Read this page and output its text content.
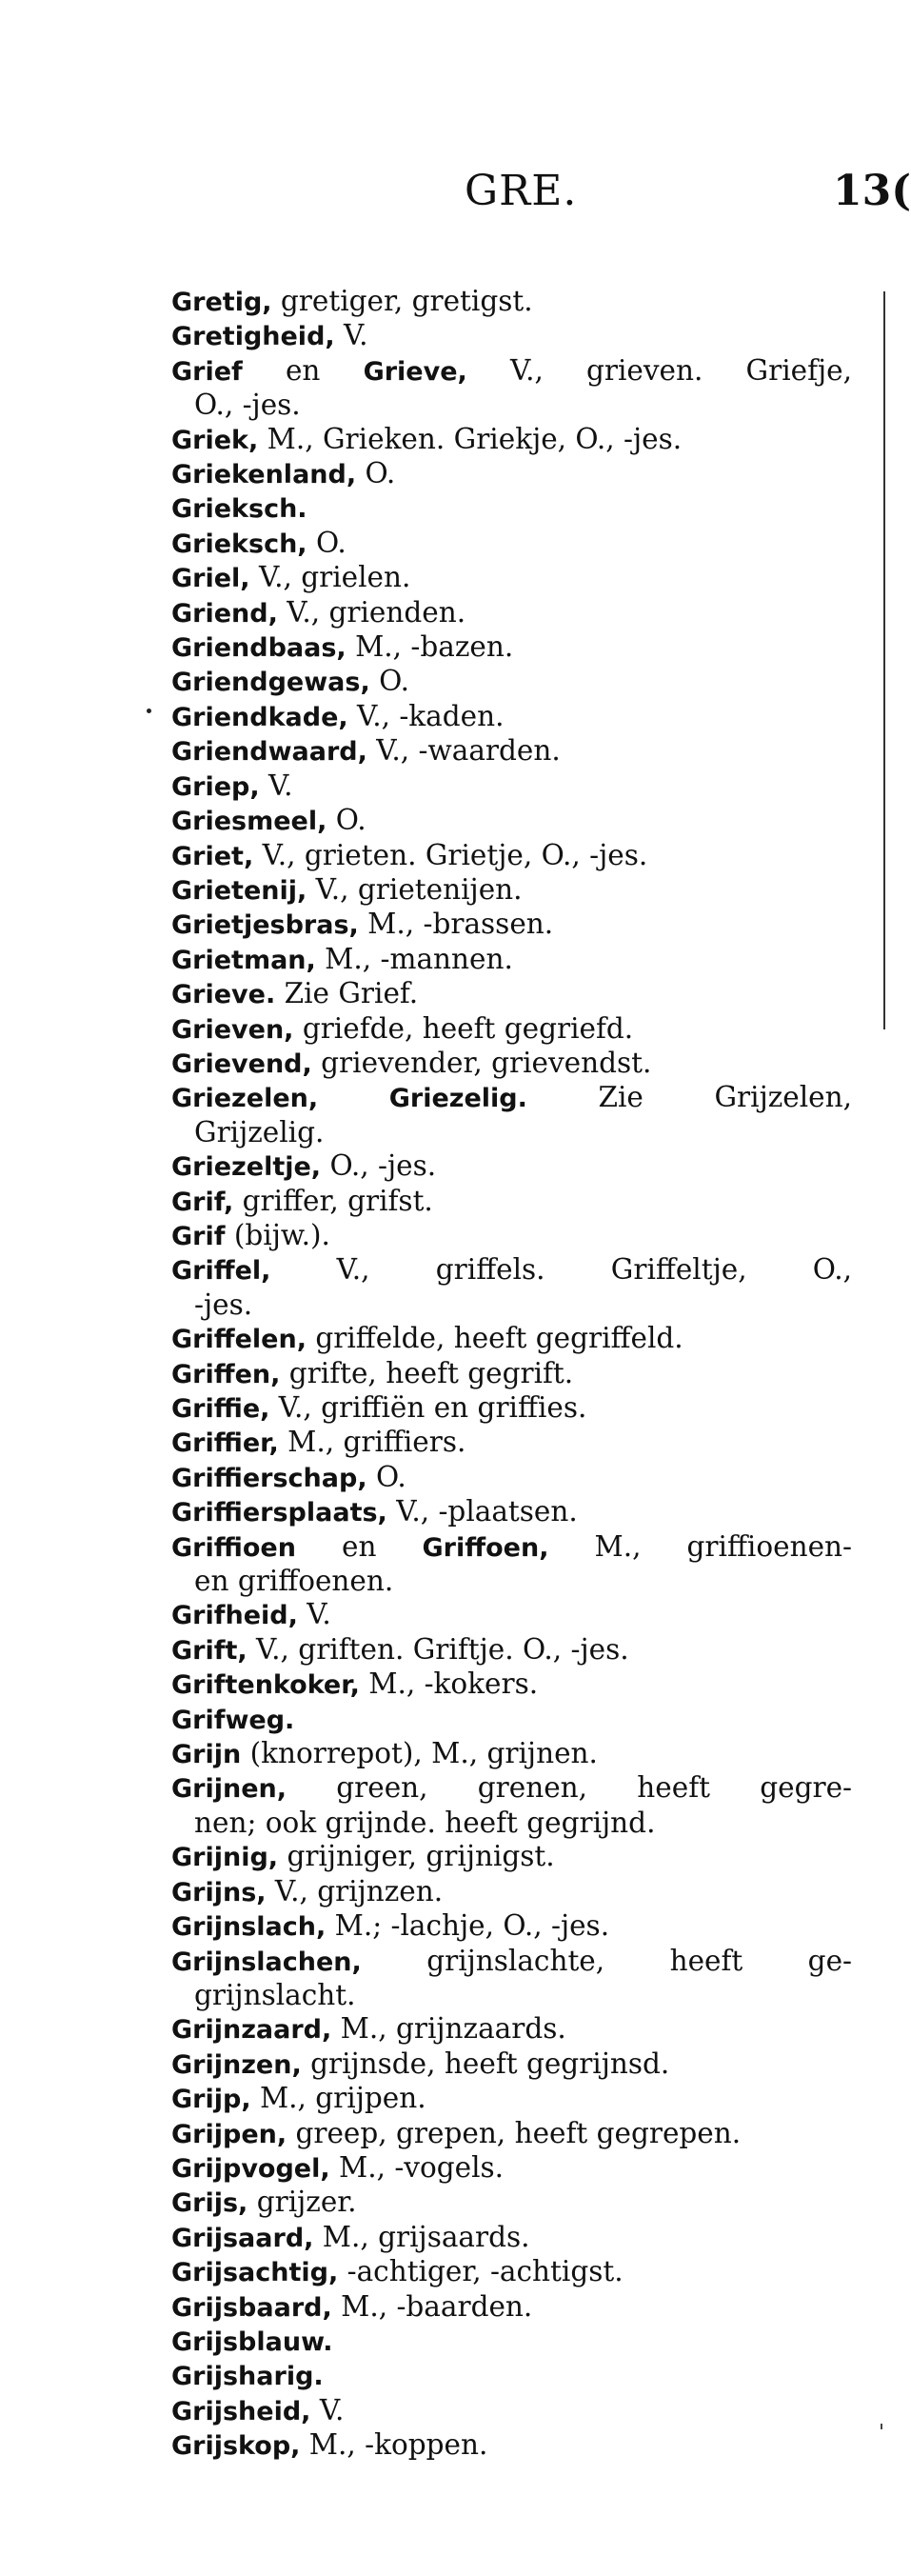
GRE.	13(
Gretig, gretiger, gretigst.
Gretigheid, V.
Grief en Grieve, V., grieven. Griefje,
O., -jes.
Griek, M., Grieken. Griekje, O., -jes.
Griekenland, O.
Grieksch.
Grieksch, O.
Griel, V., grielen.
Griend, V., grienden.
Griendbaas, M., -bazen.
Griendgewas, O.
Griendkade, V., -kaden.
Griendwaard, V., -waarden.
Griep, V.
Griesmeel, O.
Griet, V., grieten. Grietje, O., -jes.
Grietenij, V., grietenijen.
Grietjesbras, M., -brassen.
Grietman, M., -mannen.
Grieve. Zie Grief.
Grieven, griefde, heeft gegriefd.
Grievend, grievender, grievendst.
Griezelen, Griezelig. Zie Grijzelen,
Grijzelig.
Griezeltje, O., -jes.
Grif, griffer, grifst.
Grif (bijw.).
Griffel, V., griffels. Griffeltje, O.,
-jes.
Griffelen, griffelde, heeft gegriffeld.
Griffen, grifte, heeft gegrift.
Griffie, V., griffiën en griffies.
Griffier, M., griffiers.
Griffierschap, O.
Griffiersplaats, V., -plaatsen.
Griffioen en Griffoen, M., griffioenen-
en griffoenen.
Grifheid, V.
Grift, V., griften. Griftje. O., -jes.
Griftenkoker, M., -kokers.
Grifweg.
Grijn (knorrepot), M., grijnen.
Grijnen, green, grenen, heeft gegre-
nen; ook grijnde. heeft gegrijnd.
Grijnig, grijniger, grijnigst.
Grijns, V., grijnzen.
Grijnslach, M.; -lachje, O., -jes.
Grijnslachen, grijnslachte, heeft ge-
grijnslacht.
Grijnzaard, M., grijnzaards.
Grijnzen, grijnsde, heeft gegrijnsd.
Grijp, M., grijpen.
Grijpen, greep, grepen, heeft gegrepen.
Grijpvogel, M., -vogels.
Grijs, grijzer.
Grijsaard, M., grijsaards.
Grijsachtig, -achtiger, -achtigst.
Grijsbaard, M., -baarden.
Grijsblauw.
Grijsharig.
Grijsheid, V.
Grijskop, M., -koppen.
